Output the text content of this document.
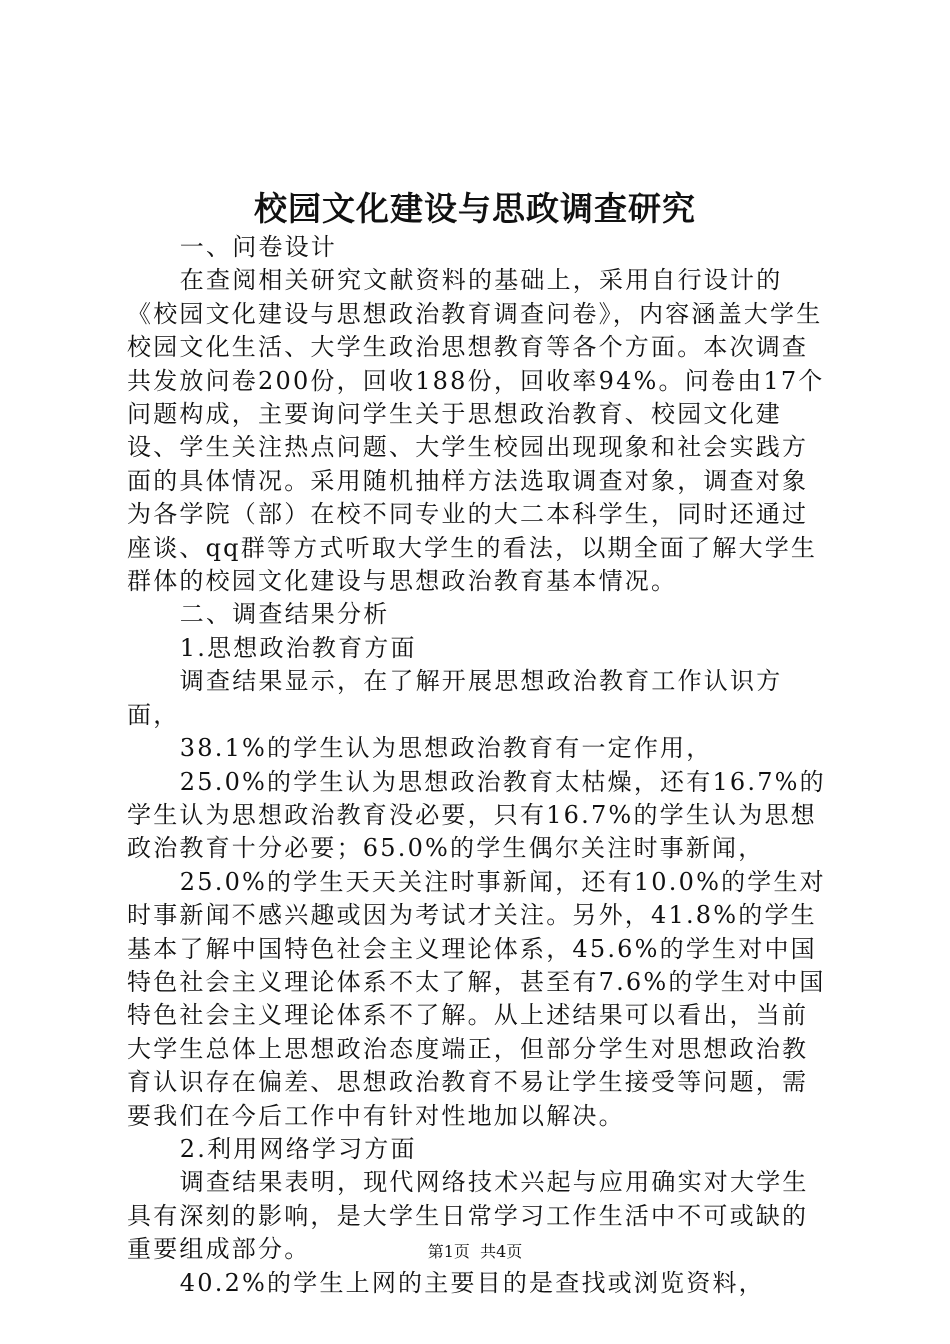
校园文化建设与思政调查研究

一、问卷设计

在查阅相关研究文献资料的基础上，采用自行设计的《校园文化建设与思想政治教育调查问卷》，内容涵盖大学生校园文化生活、大学生政治思想教育等各个方面。本次调查共发放问卷200份，回收188份，回收率94%。问卷由17个问题构成，主要询问学生关于思想政治教育、校园文化建设、学生关注热点问题、大学生校园出现现象和社会实践方面的具体情况。采用随机抽样方法选取调查对象，调查对象为各学院（部）在校不同专业的大二本科学生，同时还通过座谈、qq群等方式听取大学生的看法，以期全面了解大学生群体的校园文化建设与思想政治教育基本情况。

二、调查结果分析

1.思想政治教育方面

调查结果显示，在了解开展思想政治教育工作认识方面，

38.1%的学生认为思想政治教育有一定作用，

25.0%的学生认为思想政治教育太枯燥，还有16.7%的学生认为思想政治教育没必要，只有16.7%的学生认为思想政治教育十分必要；65.0%的学生偶尔关注时事新闻，

25.0%的学生天天关注时事新闻，还有10.0%的学生对时事新闻不感兴趣或因为考试才关注。另外，41.8%的学生基本了解中国特色社会主义理论体系，45.6%的学生对中国特色社会主义理论体系不太了解，甚至有7.6%的学生对中国特色社会主义理论体系不了解。从上述结果可以看出，当前大学生总体上思想政治态度端正，但部分学生对思想政治教育认识存在偏差、思想政治教育不易让学生接受等问题，需要我们在今后工作中有针对性地加以解决。

2.利用网络学习方面

调查结果表明，现代网络技术兴起与应用确实对大学生具有深刻的影响，是大学生日常学习工作生活中不可或缺的重要组成部分。

40.2%的学生上网的主要目的是查找或浏览资料，

第1页 共4页
